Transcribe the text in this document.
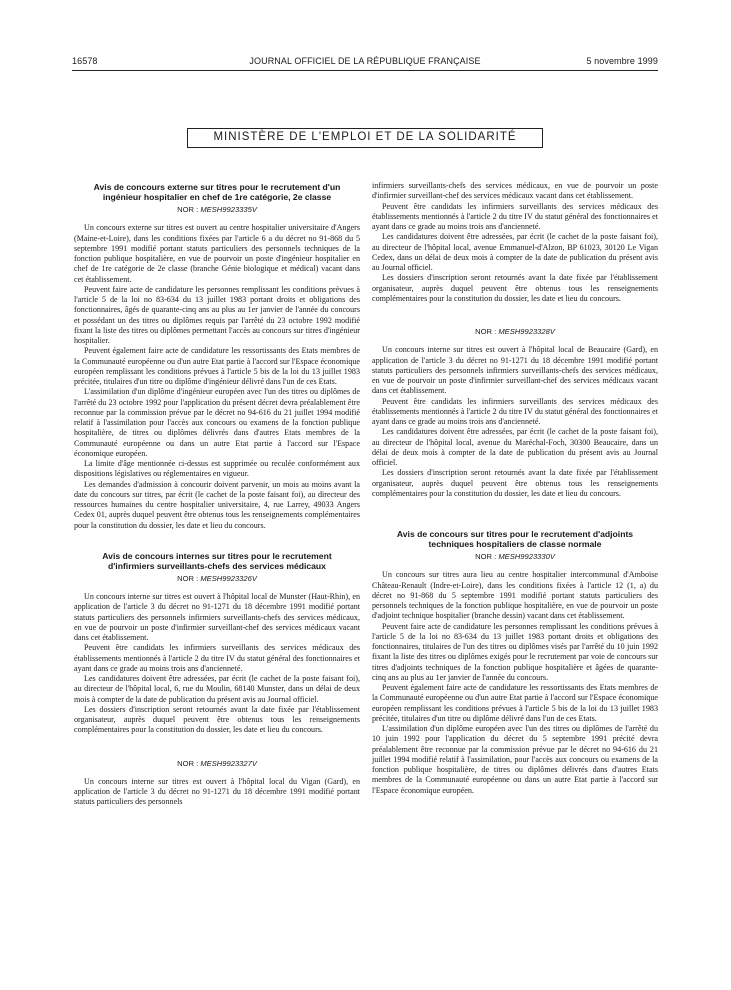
16578	JOURNAL OFFICIEL DE LA RÉPUBLIQUE FRANÇAISE	5 novembre 1999
MINISTÈRE DE L'EMPLOI ET DE LA SOLIDARITÉ
Avis de concours externe sur titres pour le recrutement d'un ingénieur hospitalier en chef de 1re catégorie, 2e classe
NOR : MESH9923335V

Un concours externe sur titres est ouvert au centre hospitalier universitaire d'Angers (Maine-et-Loire), dans les conditions fixées par l'article 6 a du décret no 91-868 du 5 septembre 1991 modifié portant statuts particuliers des personnels techniques de la fonction publique hospitalière, en vue de pourvoir un poste d'ingénieur hospitalier en chef de 1re catégorie de 2e classe (branche Génie biologique et médical) vacant dans cet établissement.

Peuvent faire acte de candidature les personnes remplissant les conditions prévues à l'article 5 de la loi no 83-634 du 13 juillet 1983 portant droits et obligations des fonctionnaires, âgés de quarante-cinq ans au plus au 1er janvier de l'année du concours et possédant un des titres ou diplômes requis par l'arrêté du 23 octobre 1992 modifié fixant la liste des titres ou diplômes permettant l'accès au concours sur titres d'ingénieur hospitalier.

Peuvent également faire acte de candidature les ressortissants des Etats membres de la Communauté européenne ou d'un autre Etat partie à l'accord sur l'Espace économique européen remplissant les conditions prévues à l'article 5 bis de la loi du 13 juillet 1983 précitée, titulaires d'un titre ou diplôme d'ingénieur délivré dans l'un de ces Etats.

L'assimilation d'un diplôme d'ingénieur européen avec l'un des titres ou diplômes de l'arrêté du 23 octobre 1992 pour l'application du présent décret devra préalablement être reconnue par la commission prévue par le décret no 94-616 du 21 juillet 1994 modifié relatif à l'assimilation pour l'accès aux concours ou examens de la fonction publique hospitalière, de titres ou diplômes délivrés dans d'autres Etats membres de la Communauté européenne ou dans un autre Etat partie à l'accord sur l'Espace économique européen.

La limite d'âge mentionnée ci-dessus est supprimée ou reculée conformément aux dispositions législatives ou réglementaires en vigueur.

Les demandes d'admission à concourir doivent parvenir, un mois au moins avant la date du concours sur titres, par écrit (le cachet de la poste faisant foi), au directeur des ressources humaines du centre hospitalier universitaire, 4, rue Larrey, 49033 Angers Cedex 01, auprès duquel peuvent être obtenus tous les renseignements complémentaires pour la constitution du dossier, les date et lieu du concours.

Avis de concours internes sur titres pour le recrutement d'infirmiers surveillants-chefs des services médicaux
NOR : MESH9923326V

Un concours interne sur titres est ouvert à l'hôpital local de Munster (Haut-Rhin), en application de l'article 3 du décret no 91-1271 du 18 décembre 1991 modifié portant statuts particuliers des personnels infirmiers surveillants-chefs des services médicaux, en vue de pourvoir un poste d'infirmier surveillant-chef des services médicaux vacant dans cet établissement.

Peuvent être candidats les infirmiers surveillants des services médicaux des établissements mentionnés à l'article 2 du titre IV du statut général des fonctionnaires et ayant dans ce grade au moins trois ans d'ancienneté.

Les candidatures doivent être adressées, par écrit (le cachet de la poste faisant foi), au directeur de l'hôpital local, 6, rue du Moulin, 68140 Munster, dans un délai de deux mois à compter de la date de publication du présent avis au Journal officiel.

Les dossiers d'inscription seront retournés avant la date fixée par l'établissement organisateur, auprès duquel peuvent être obtenus tous les renseignements complémentaires pour la constitution du dossier, les date et lieu du concours.

NOR : MESH9923327V

Un concours interne sur titres est ouvert à l'hôpital local du Vigan (Gard), en application de l'article 3 du décret no 91-1271 du 18 décembre 1991 modifié portant statuts particuliers des personnels

infirmiers surveillants-chefs des services médicaux, en vue de pourvoir un poste d'infirmier surveillant-chef des services médicaux vacant dans cet établissement.

Peuvent être candidats les infirmiers surveillants des services médicaux des établissements mentionnés à l'article 2 du titre IV du statut général des fonctionnaires et ayant dans ce grade au moins trois ans d'ancienneté.

Les candidatures doivent être adressées, par écrit (le cachet de la poste faisant foi), au directeur de l'hôpital local, avenue Emmanuel-d'Alzon, BP 61023, 30120 Le Vigan Cedex, dans un délai de deux mois à compter de la date de publication du présent avis au Journal officiel.

Les dossiers d'inscription seront retournés avant la date fixée par l'établissement organisateur, auprès duquel peuvent être obtenus tous les renseignements complémentaires pour la constitution du dossier, les date et lieu du concours.

NOR : MESH9923328V

Un concours interne sur titres est ouvert à l'hôpital local de Beaucaire (Gard), en application de l'article 3 du décret no 91-1271 du 18 décembre 1991 modifié portant statuts particuliers des personnels infirmiers surveillants-chefs des services médicaux, en vue de pourvoir un poste d'infirmier surveillant-chef des services médicaux vacant dans cet établissement.

Peuvent être candidats les infirmiers surveillants des services médicaux des établissements mentionnés à l'article 2 du titre IV du statut général des fonctionnaires et ayant dans ce grade au moins trois ans d'ancienneté.

Les candidatures doivent être adressées, par écrit (le cachet de la poste faisant foi), au directeur de l'hôpital local, avenue du Maréchal-Foch, 30300 Beaucaire, dans un délai de deux mois à compter de la date de publication du présent avis au Journal officiel.

Les dossiers d'inscription seront retournés avant la date fixée par l'établissement organisateur, auprès duquel peuvent être obtenus tous les renseignements complémentaires pour la constitution du dossier, les date et lieu du concours.

Avis de concours sur titres pour le recrutement d'adjoints techniques hospitaliers de classe normale
NOR : MESH9923330V

Un concours sur titres aura lieu au centre hospitalier intercommunal d'Amboise Château-Renault (Indre-et-Loire), dans les conditions fixées à l'article 12 (1, a) du décret no 91-868 du 5 septembre 1991 modifié portant statuts particuliers des personnels techniques de la fonction publique hospitalière, en vue de pourvoir un poste d'adjoint technique hospitalier (branche dessin) vacant dans cet établissement.

Peuvent faire acte de candidature les personnes remplissant les conditions prévues à l'article 5 de la loi no 83-634 du 13 juillet 1983 portant droits et obligations des fonctionnaires, titulaires de l'un des titres ou diplômes visés par l'arrêté du 10 juin 1992 fixant la liste des titres ou diplômes exigés pour le recrutement par voie de concours sur titres d'adjoints techniques de la fonction publique hospitalière et âgées de quarante-cinq ans au plus au 1er janvier de l'année du concours.

Peuvent également faire acte de candidature les ressortissants des Etats membres de la Communauté européenne ou d'un autre Etat partie à l'accord sur l'Espace économique européen remplissant les conditions prévues à l'article 5 bis de la loi du 13 juillet 1983 précitée, titulaires d'un titre ou diplôme délivré dans l'un de ces Etats.

L'assimilation d'un diplôme européen avec l'un des titres ou diplômes de l'arrêté du 10 juin 1992 pour l'application du décret du 5 septembre 1991 précité devra préalablement être reconnue par la commission prévue par le décret no 94-616 du 21 juillet 1994 modifié relatif à l'assimilation, pour l'accès aux concours ou examens de la fonction publique hospitalière, de titres ou diplômes délivrés dans d'autres Etats membres de la Communauté européenne ou dans un autre Etat partie à l'accord sur l'Espace économique européen.
